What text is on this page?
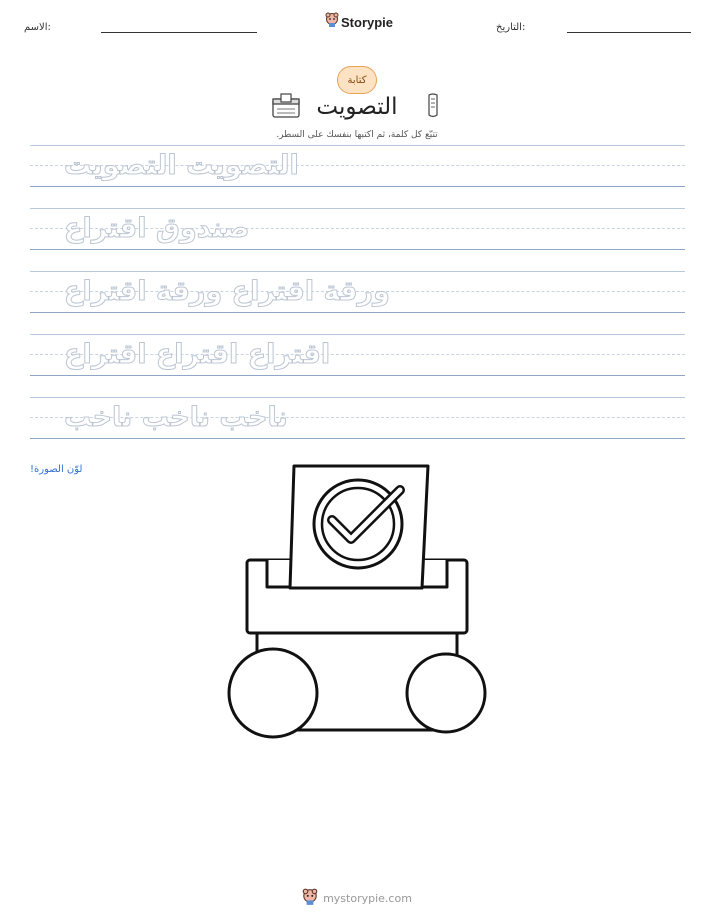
الاسم:	Storypie	التاريخ:
كتابة
التصويت
تتبّع كل كلمة، ثم اكتبها بنفسك على السطر.
التصويت التصويت
صندوق اقتراع
ورقة اقتراع ورقة اقتراع
اقتراع اقتراع اقتراع
ناخب ناخب ناخب
لوّن الصورة!
mystorypie.com
